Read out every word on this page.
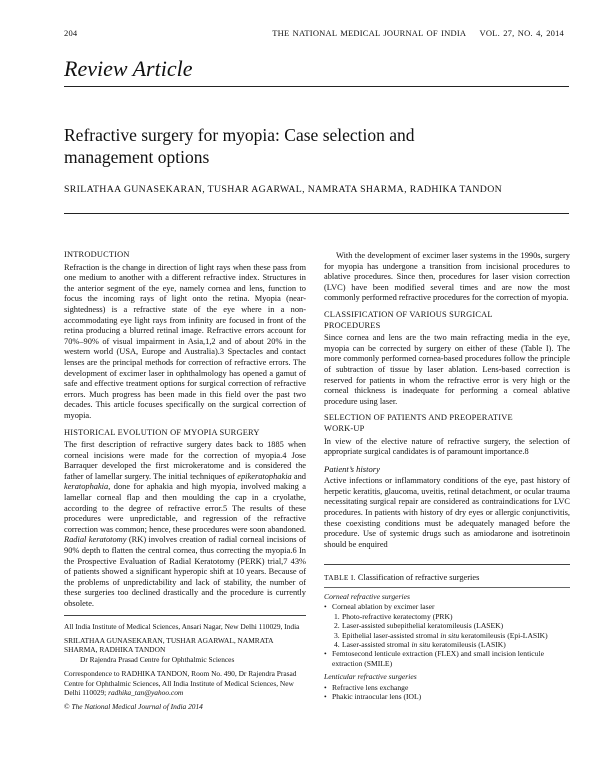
204	THE NATIONAL MEDICAL JOURNAL OF INDIA VOL. 27, NO. 4, 2014
Review Article
Refractive surgery for myopia: Case selection and
management options
SRILATHAA GUNASEKARAN, TUSHAR AGARWAL, NAMRATA SHARMA, RADHIKA TANDON
INTRODUCTION

Refraction is the change in direction of light rays when these pass from one medium to another with a different refractive index. Structures in the anterior segment of the eye, namely cornea and lens, function to focus the incoming rays of light onto the retina. Myopia (near-sightedness) is a refractive state of the eye where in a non-accommodating eye light rays from infinity are focused in front of the retina producing a blurred retinal image. Refractive errors account for 70%–90% of visual impairment in Asia,1,2 and of about 20% in the western world (USA, Europe and Australia).3 Spectacles and contact lenses are the principal methods for correction of refractive errors. The development of excimer laser in ophthalmology has opened a gamut of safe and effective treatment options for surgical correction of refractive errors. Much progress has been made in this field over the past two decades. This article focuses specifically on the surgical correction of myopia.

HISTORICAL EVOLUTION OF MYOPIA SURGERY

The first description of refractive surgery dates back to 1885 when corneal incisions were made for the correction of myopia.4 Jose Barraquer developed the first microkeratome and is considered the father of lamellar surgery. The initial techniques of epikeratophakia and keratophakia, done for aphakia and high myopia, involved making a lamellar corneal flap and then moulding the cap in a cryolathe, according to the degree of refractive error.5 The results of these procedures were unpredictable, and regression of the refractive correction was common; hence, these procedures were soon abandoned. Radial keratotomy (RK) involves creation of radial corneal incisions of 90% depth to flatten the central cornea, thus correcting the myopia.6 In the Prospective Evaluation of Radial Keratotomy (PERK) trial,7 43% of patients showed a significant hyperopic shift at 10 years. Because of the problems of unpredictability and lack of stability, the number of these surgeries too declined drastically and the procedure is currently obsolete.

All India Institute of Medical Sciences, Ansari Nagar, New Delhi 110029, India
SRILATHAA GUNASEKARAN, TUSHAR AGARWAL, NAMRATA SHARMA, RADHIKA TANDON
Dr Rajendra Prasad Centre for Ophthalmic Sciences
Correspondence to RADHIKA TANDON, Room No. 490, Dr Rajendra Prasad Centre for Ophthalmic Sciences, All India Institute of Medical Sciences, New Delhi 110029; radhika_tan@yahoo.com
© The National Medical Journal of India 2014

With the development of excimer laser systems in the 1990s, surgery for myopia has undergone a transition from incisional procedures to ablative procedures. Since then, procedures for laser vision correction (LVC) have been modified several times and are now the most commonly performed refractive procedures for the correction of myopia.

CLASSIFICATION OF VARIOUS SURGICAL
PROCEDURES

Since cornea and lens are the two main refracting media in the eye, myopia can be corrected by surgery on either of these (Table I). The more commonly performed cornea-based procedures follow the principle of subtraction of tissue by laser ablation. Lens-based correction is reserved for patients in whom the refractive error is very high or the corneal thickness is inadequate for performing a corneal ablative procedure using laser.

SELECTION OF PATIENTS AND PREOPERATIVE
WORK-UP

In view of the elective nature of refractive surgery, the selection of appropriate surgical candidates is of paramount importance.8

Patient’s history

Active infections or inflammatory conditions of the eye, past history of herpetic keratitis, glaucoma, uveitis, retinal detachment, or ocular trauma necessitating surgical repair are considered as contraindications for LVC procedures. In patients with history of dry eyes or allergic conjunctivitis, these coexisting conditions must be adequately managed before the procedure. Use of systemic drugs such as amiodarone and isotretinoin should be enquired

TABLE I. Classification of refractive surgeries
Corneal refractive surgeries
• Corneal ablation by excimer laser
1. Photo-refractive keratectomy (PRK)
2. Laser-assisted subepithelial keratomileusis (LASEK)
3. Epithelial laser-assisted stromal in situ keratomileusis (Epi-LASIK)
4. Laser-assisted stromal in situ keratomileusis (LASIK)
• Femtosecond lenticule extraction (FLEX) and small incision lenticule extraction (SMILE)
Lenticular refractive surgeries
• Refractive lens exchange
• Phakic intraocular lens (IOL)
